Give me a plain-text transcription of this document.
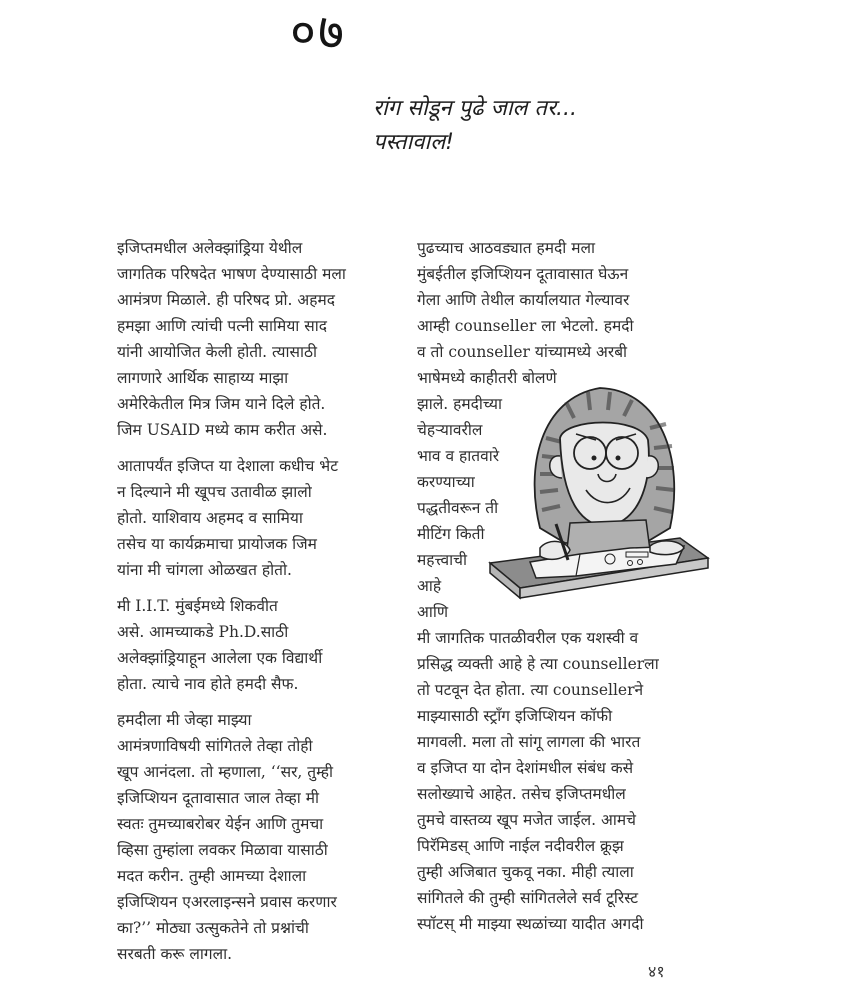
०७
रांग सोडून पुढे जाल तर...
पस्तावाल!
इजिप्तमधील अलेक्झांड्रिया येथील
जागतिक परिषदेत भाषण देण्यासाठी मला
आमंत्रण मिळाले. ही परिषद प्रो. अहमद
हमझा आणि त्यांची पत्नी सामिया साद
यांनी आयोजित केली होती. त्यासाठी
लागणारे आर्थिक साहाय्य माझा
अमेरिकेतील मित्र जिम याने दिले होते.
जिम USAID मध्ये काम करीत असे.
आतापर्यंत इजिप्त या देशाला कधीच भेट
न दिल्याने मी खूपच उतावीळ झालो
होतो. याशिवाय अहमद व सामिया
तसेच या कार्यक्रमाचा प्रायोजक जिम
यांना मी चांगला ओळखत होतो.
मी I.I.T. मुंबईमध्ये शिकवीत
असे. आमच्याकडे Ph.D.साठी
अलेक्झांड्रियाहून आलेला एक विद्यार्थी
होता. त्याचे नाव होते हमदी सैफ.
हमदीला मी जेव्हा माझ्या
आमंत्रणाविषयी सांगितले तेव्हा तोही
खूप आनंदला. तो म्हणाला, ‘‘सर, तुम्ही
इजिप्शियन दूतावासात जाल तेव्हा मी
स्वतः तुमच्याबरोबर येईन आणि तुमचा
व्हिसा तुम्हांला लवकर मिळावा यासाठी
मदत करीन. तुम्ही आमच्या देशाला
इजिप्शियन एअरलाइन्सने प्रवास करणार
का?’’ मोठ्या उत्सुकतेने तो प्रश्नांची
सरबती करू लागला.
पुढच्याच आठवड्यात हमदी मला
मुंबईतील इजिप्शियन दूतावासात घेऊन
गेला आणि तेथील कार्यालयात गेल्यावर
आम्ही counseller ला भेटलो. हमदी
व तो counseller यांच्यामध्ये अरबी
भाषेमध्ये काहीतरी बोलणे
झाले. हमदीच्या
चेहऱ्यावरील
भाव व हातवारे
करण्याच्या
पद्धतीवरून ती
मीटिंग किती
महत्त्वाची
आहे
आणि
मी जागतिक पातळीवरील एक यशस्वी व
प्रसिद्ध व्यक्ती आहे हे त्या counsellerला
तो पटवून देत होता. त्या counsellerने
माझ्यासाठी स्ट्राँग इजिप्शियन कॉफी
मागवली. मला तो सांगू लागला की भारत
व इजिप्त या दोन देशांमधील संबंध कसे
सलोख्याचे आहेत. तसेच इजिप्तमधील
तुमचे वास्तव्य खूप मजेत जाईल. आमचे
पिरॅमिडस् आणि नाईल नदीवरील क्रूझ
तुम्ही अजिबात चुकवू नका. मीही त्याला
सांगितले की तुम्ही सांगितलेले सर्व टूरिस्ट
स्पॉटस् मी माझ्या स्थळांच्या यादीत अगदी
४१
